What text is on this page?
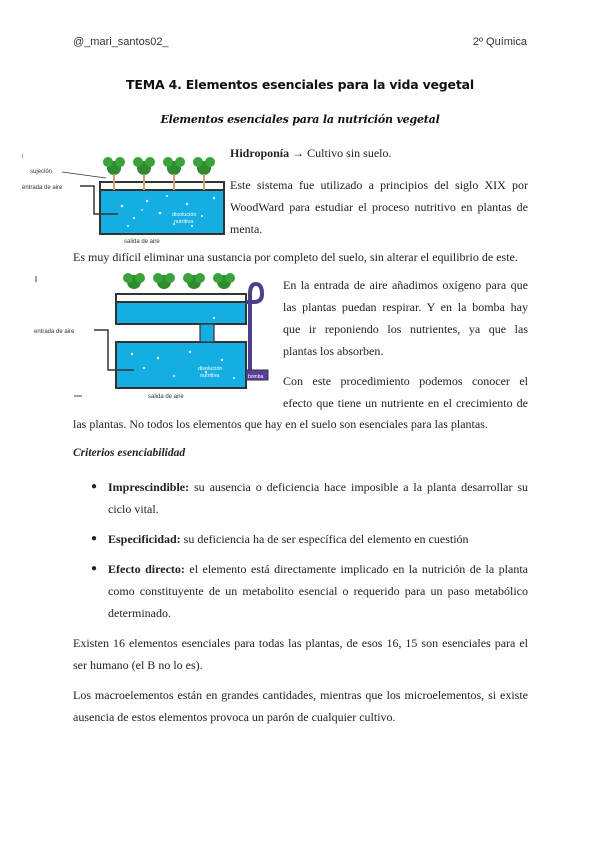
@_mari_santos02_	2º Química
TEMA 4. Elementos esenciales para la vida vegetal
Elementos esenciales para la nutrición vegetal
sujeción
entrada de aire
disolución
nutritiva
salida de aire
Hidroponía → Cultivo sin suelo.
Este sistema fue utilizado a principios del siglo XIX por
WoodWard para estudiar el proceso nutritivo en plantas de
menta.
Es muy difícil eliminar una sustancia por completo del suelo, sin alterar el equilibrio de este.
entrada de aire
disolución
nutritiva
salida de aire
bomba
En la entrada de aire añadimos oxígeno para que
las plantas puedan respirar. Y en la bomba hay
que ir reponiendo los nutrientes, ya que las
plantas los absorben.
Con este procedimiento podemos conocer el
efecto que tiene un nutriente en el crecimiento de
las plantas. No todos los elementos que hay en el suelo son esenciales para las plantas.
Criterios esenciabilidad
● Imprescindible: su ausencia o deficiencia hace imposible a la planta desarrollar su
ciclo vital.
● Especificidad: su deficiencia ha de ser específica del elemento en cuestión
● Efecto directo: el elemento está directamente implicado en la nutrición de la planta
como constituyente de un metabolito esencial o requerido para un paso metabólico
determinado.
Existen 16 elementos esenciales para todas las plantas, de esos 16, 15 son esenciales para el
ser humano (el B no lo es).
Los macroelementos están en grandes cantidades, mientras que los microelementos, si existe
ausencia de estos elementos provoca un parón de cualquier cultivo.
